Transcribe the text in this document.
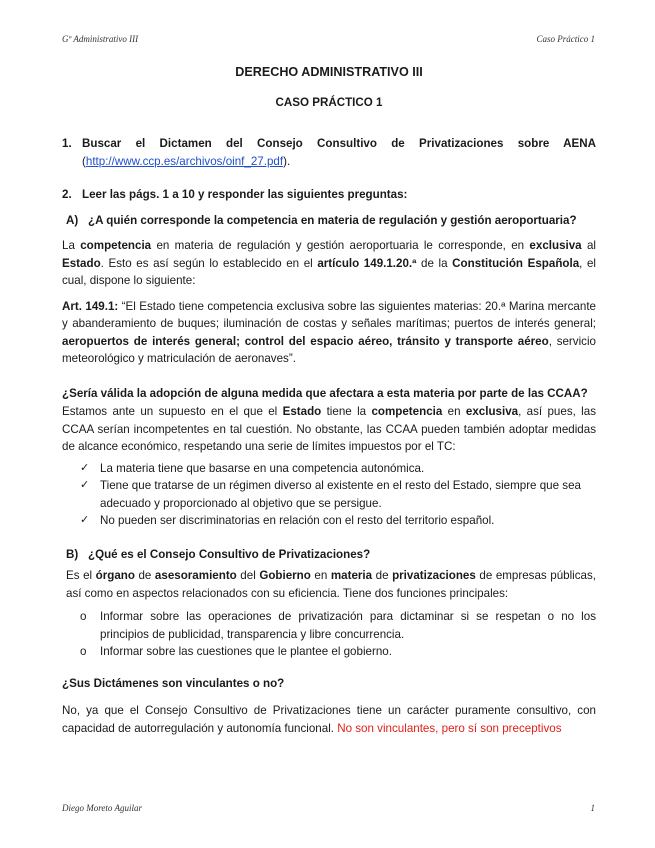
Gº Administrativo III	Caso Práctico 1

DERECHO ADMINISTRATIVO III

CASO PRÁCTICO 1

1. Buscar el Dictamen del Consejo Consultivo de Privatizaciones sobre AENA
(http://www.ccp.es/archivos/oinf_27.pdf).
2. Leer las págs. 1 a 10 y responder las siguientes preguntas:
A) ¿A quién corresponde la competencia en materia de regulación y gestión aeroportuaria?

La competencia en materia de regulación y gestión aeroportuaria le corresponde, en exclusiva al Estado. Esto es así según lo establecido en el artículo 149.1.20.ª de la Constitución Española, el cual, dispone lo siguiente:

Art. 149.1: “El Estado tiene competencia exclusiva sobre las siguientes materias: 20.ª Marina mercante y abanderamiento de buques; iluminación de costas y señales marítimas; puertos de interés general; aeropuertos de interés general; control del espacio aéreo, tránsito y transporte aéreo, servicio meteorológico y matriculación de aeronaves”.

¿Sería válida la adopción de alguna medida que afectara a esta materia por parte de las CCAA?

Estamos ante un supuesto en el que el Estado tiene la competencia en exclusiva, así pues, las CCAA serían incompetentes en tal cuestión. No obstante, las CCAA pueden también adoptar medidas de alcance económico, respetando una serie de límites impuestos por el TC:

✓ La materia tiene que basarse en una competencia autonómica.
✓ Tiene que tratarse de un régimen diverso al existente en el resto del Estado, siempre que sea adecuado y proporcionado al objetivo que se persigue.
✓ No pueden ser discriminatorias en relación con el resto del territorio español.
B) ¿Qué es el Consejo Consultivo de Privatizaciones?

Es el órgano de asesoramiento del Gobierno en materia de privatizaciones de empresas públicas, así como en aspectos relacionados con su eficiencia. Tiene dos funciones principales:

o	Informar sobre las operaciones de privatización para dictaminar si se respetan o no los principios de publicidad, transparencia y libre concurrencia.
o	Informar sobre las cuestiones que le plantee el gobierno.

¿Sus Dictámenes son vinculantes o no?

No, ya que el Consejo Consultivo de Privatizaciones tiene un carácter puramente consultivo, con capacidad de autorregulación y autonomía funcional. No son vinculantes, pero sí son preceptivos

Diego Moreto Aguilar	1
